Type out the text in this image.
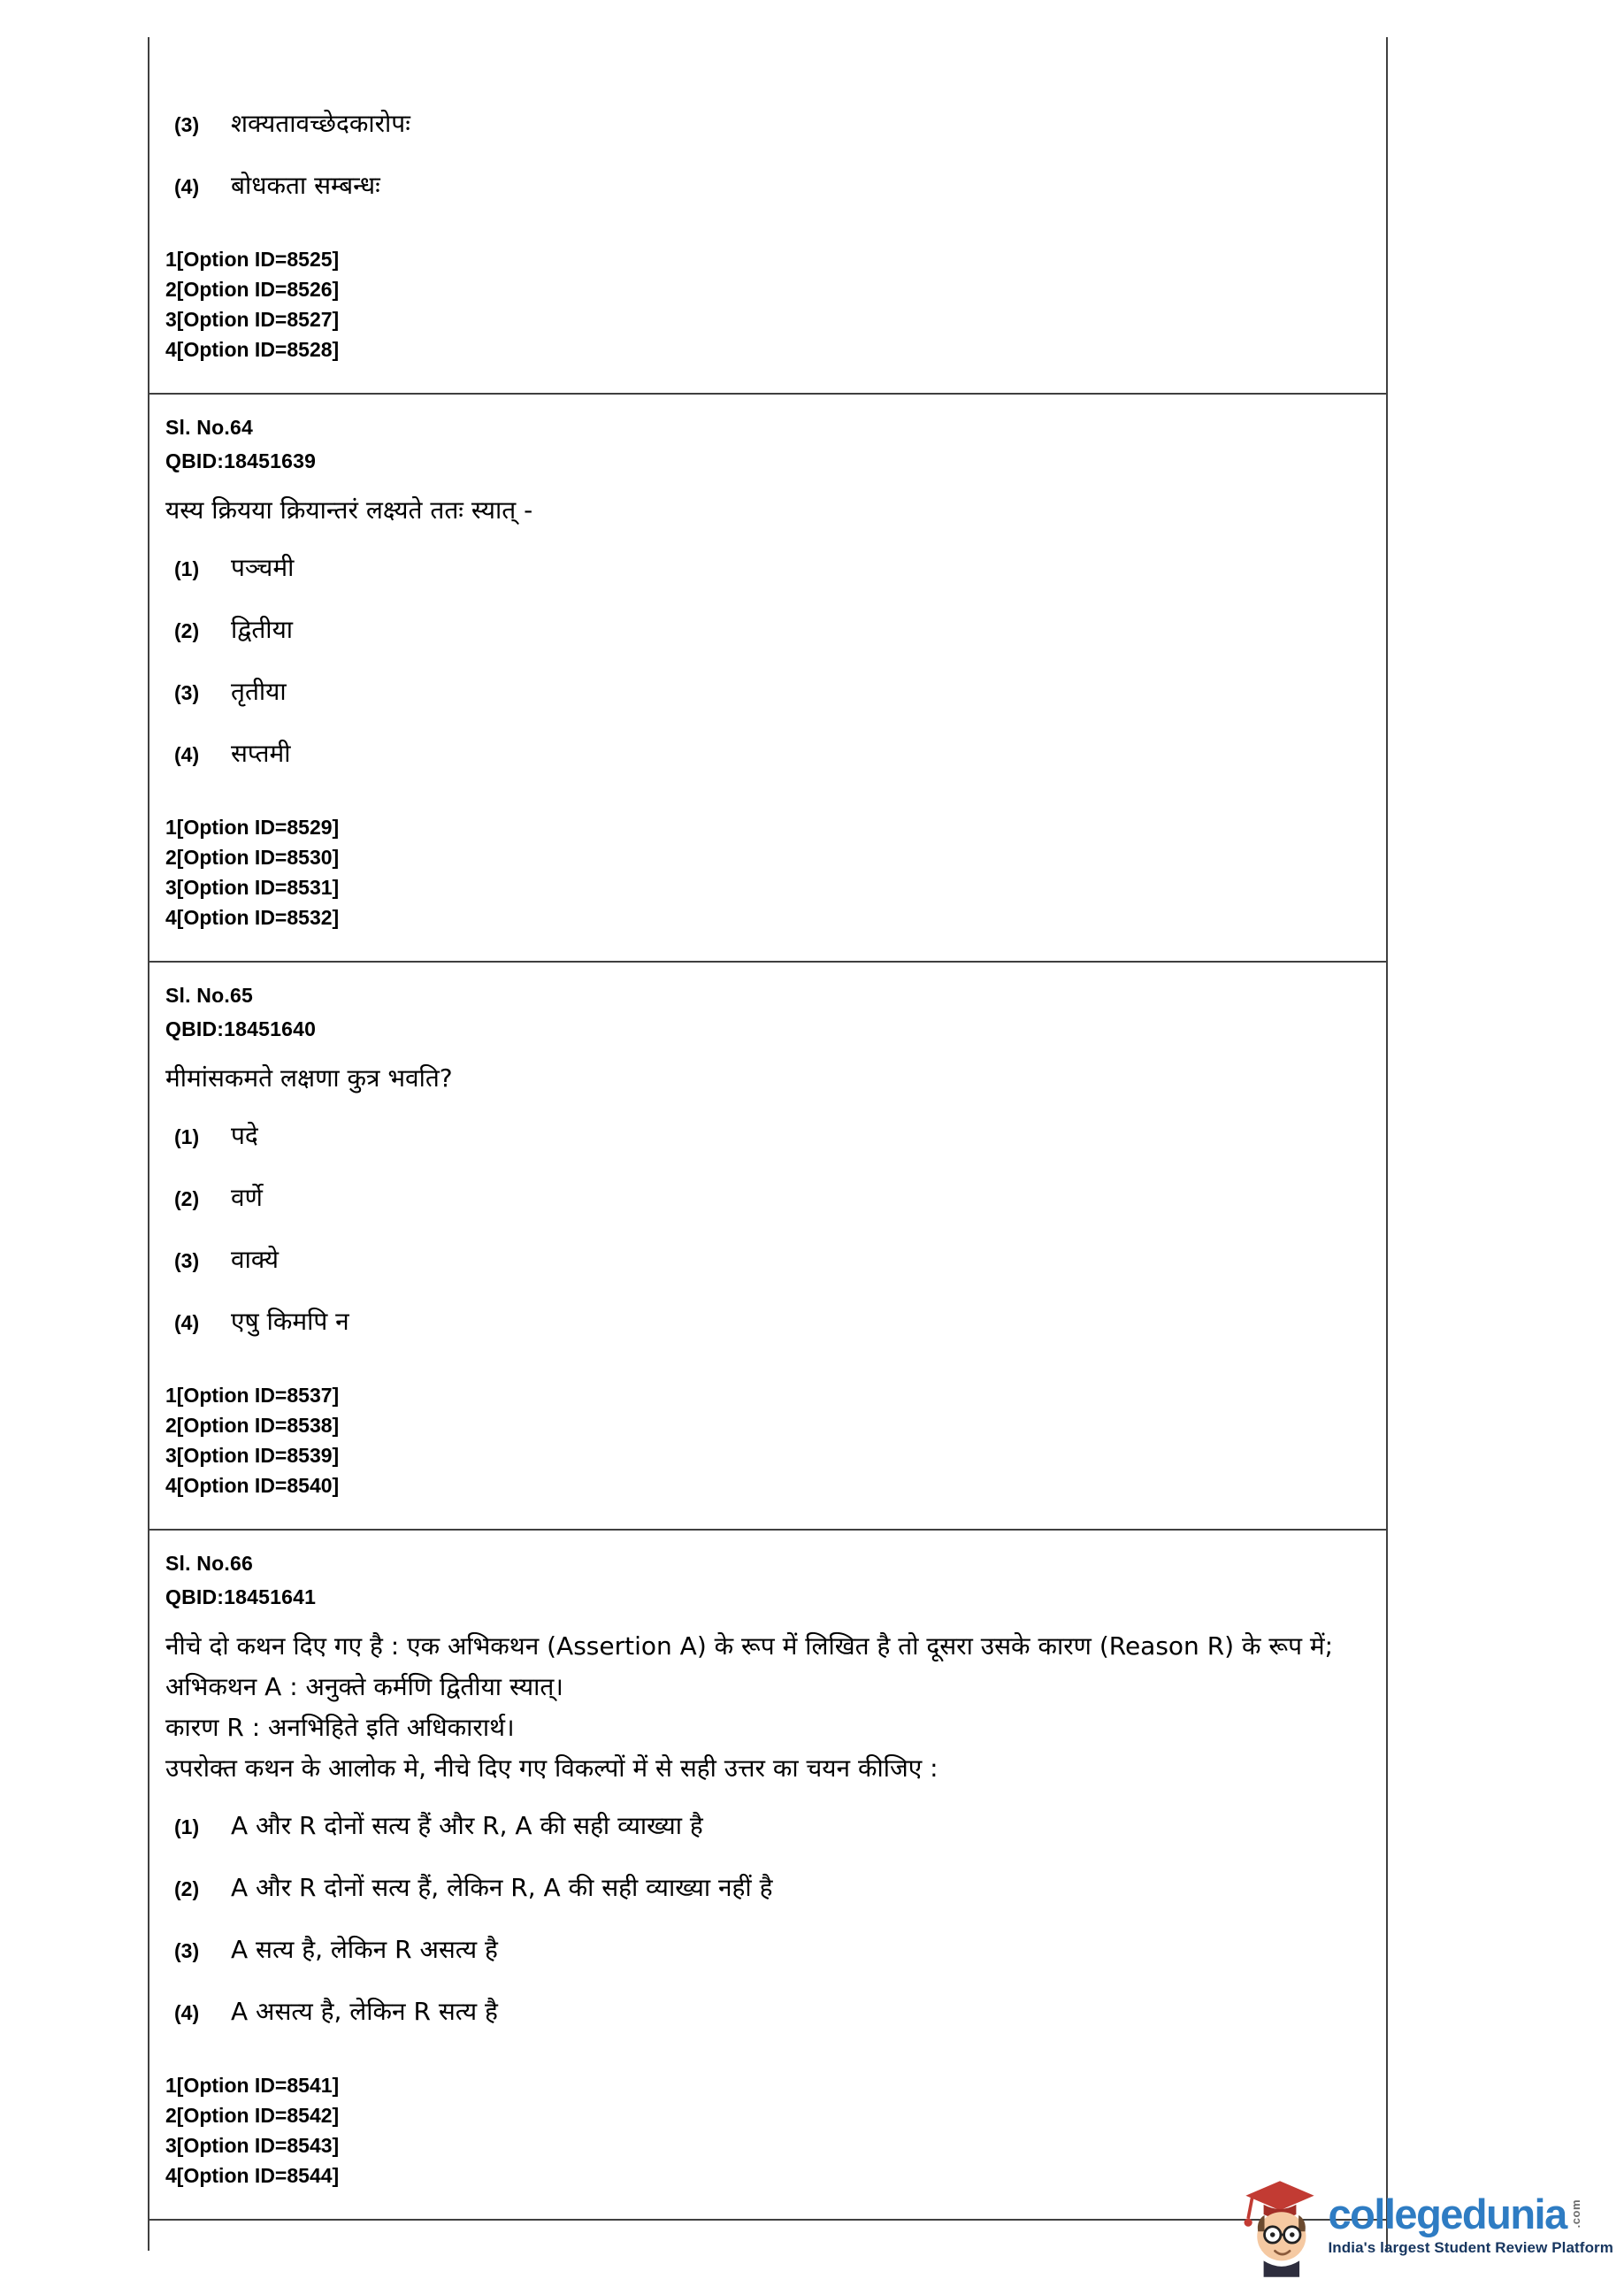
(3)	शक्यतावच्छेदकारोपः
(4)	बोधकता सम्बन्धः
1[Option ID=8525]
2[Option ID=8526]
3[Option ID=8527]
4[Option ID=8528]
Sl. No.64
QBID:18451639
यस्य क्रियया क्रियान्तरं लक्ष्यते ततः स्यात् -
(1)	पञ्चमी
(2)	द्वितीया
(3)	तृतीया
(4)	सप्तमी
1[Option ID=8529]
2[Option ID=8530]
3[Option ID=8531]
4[Option ID=8532]
Sl. No.65
QBID:18451640
मीमांसकमते लक्षणा कुत्र भवति?
(1)	पदे
(2)	वर्णे
(3)	वाक्ये
(4)	एषु किमपि न
1[Option ID=8537]
2[Option ID=8538]
3[Option ID=8539]
4[Option ID=8540]
Sl. No.66
QBID:18451641
नीचे दो कथन दिए गए है : एक अभिकथन (Assertion A) के रूप में लिखित है तो दूसरा उसके कारण (Reason R) के रूप में;
अभिकथन A : अनुक्ते कर्मणि द्वितीया स्यात्।
कारण R : अनभिहिते इति अधिकारार्थ।
उपरोक्त कथन के आलोक मे, नीचे दिए गए विकल्पों में से सही उत्तर का चयन कीजिए :
(1)	A और R दोनों सत्य हैं और R, A की सही व्याख्या है
(2)	A और R दोनों सत्य हैं, लेकिन R, A की सही व्याख्या नहीं है
(3)	A सत्य है, लेकिन R असत्य है
(4)	A असत्य है, लेकिन R सत्य है
1[Option ID=8541]
2[Option ID=8542]
3[Option ID=8543]
4[Option ID=8544]
collegedunia .com
India's largest Student Review Platform
